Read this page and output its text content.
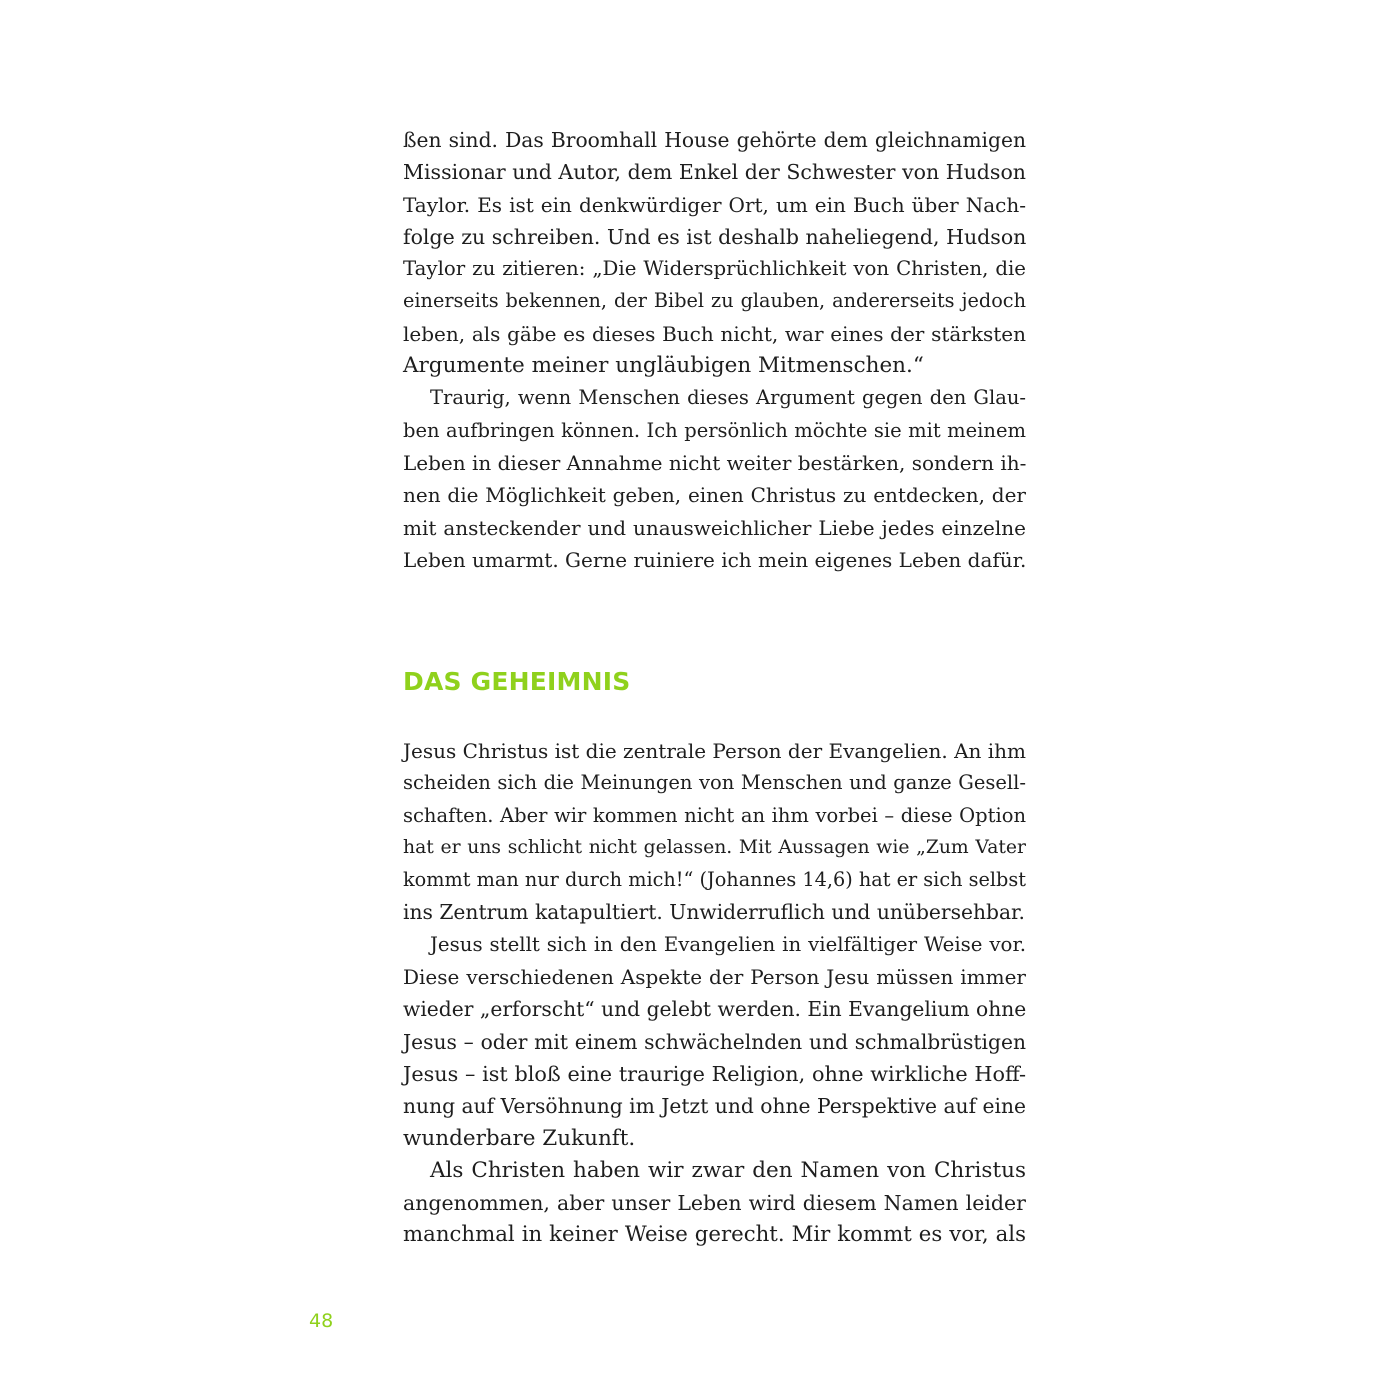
ßen sind. Das Broomhall House gehörte dem gleichnamigen
Missionar und Autor, dem Enkel der Schwester von Hudson
Taylor. Es ist ein denkwürdiger Ort, um ein Buch über Nach-
folge zu schreiben. Und es ist deshalb naheliegend, Hudson
Taylor zu zitieren: „Die Widersprüchlichkeit von Christen, die
einerseits bekennen, der Bibel zu glauben, andererseits jedoch
leben, als gäbe es dieses Buch nicht, war eines der stärksten
Argumente meiner ungläubigen Mitmenschen.“
Traurig, wenn Menschen dieses Argument gegen den Glau-
ben aufbringen können. Ich persönlich möchte sie mit meinem
Leben in dieser Annahme nicht weiter bestärken, sondern ih-
nen die Möglichkeit geben, einen Christus zu entdecken, der
mit ansteckender und unausweichlicher Liebe jedes einzelne
Leben umarmt. Gerne ruiniere ich mein eigenes Leben dafür.
DAS GEHEIMNIS
Jesus Christus ist die zentrale Person der Evangelien. An ihm
scheiden sich die Meinungen von Menschen und ganze Gesell-
schaften. Aber wir kommen nicht an ihm vorbei – diese Option
hat er uns schlicht nicht gelassen. Mit Aussagen wie „Zum Vater
kommt man nur durch mich!“ (Johannes 14,6) hat er sich selbst
ins Zentrum katapultiert. Unwiderruflich und unübersehbar.
Jesus stellt sich in den Evangelien in vielfältiger Weise vor.
Diese verschiedenen Aspekte der Person Jesu müssen immer
wieder „erforscht“ und gelebt werden. Ein Evangelium ohne
Jesus – oder mit einem schwächelnden und schmalbrüstigen
Jesus – ist bloß eine traurige Religion, ohne wirkliche Hoff-
nung auf Versöhnung im Jetzt und ohne Perspektive auf eine
wunderbare Zukunft.
Als Christen haben wir zwar den Namen von Christus
angenommen, aber unser Leben wird diesem Namen leider
manchmal in keiner Weise gerecht. Mir kommt es vor, als
48
